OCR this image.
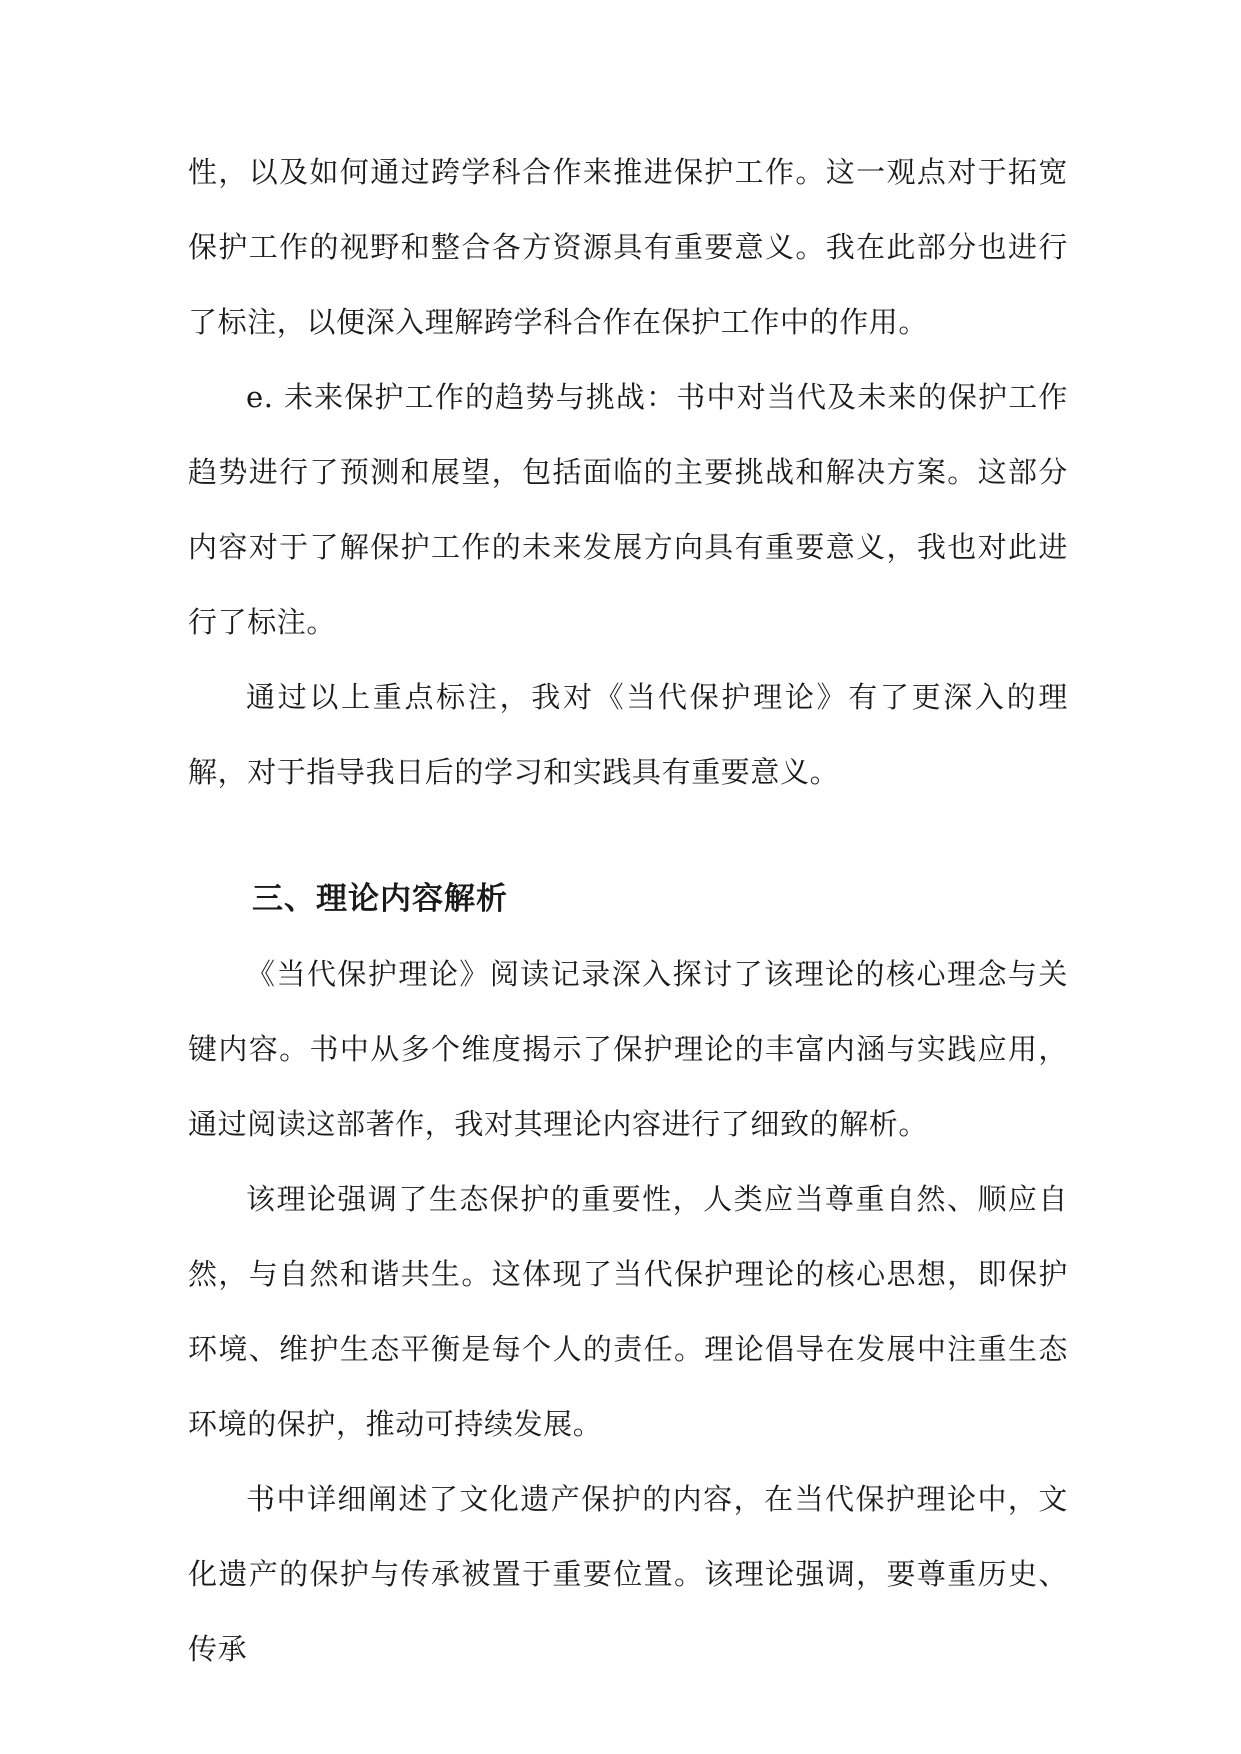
性，以及如何通过跨学科合作来推进保护工作。这一观点对于拓宽保护工作的视野和整合各方资源具有重要意义。我在此部分也进行了标注，以便深入理解跨学科合作在保护工作中的作用。

e. 未来保护工作的趋势与挑战：书中对当代及未来的保护工作趋势进行了预测和展望，包括面临的主要挑战和解决方案。这部分内容对于了解保护工作的未来发展方向具有重要意义，我也对此进行了标注。

通过以上重点标注，我对《当代保护理论》有了更深入的理解，对于指导我日后的学习和实践具有重要意义。

三、理论内容解析

《当代保护理论》阅读记录深入探讨了该理论的核心理念与关键内容。书中从多个维度揭示了保护理论的丰富内涵与实践应用，通过阅读这部著作，我对其理论内容进行了细致的解析。

该理论强调了生态保护的重要性，人类应当尊重自然、顺应自然，与自然和谐共生。这体现了当代保护理论的核心思想，即保护环境、维护生态平衡是每个人的责任。理论倡导在发展中注重生态环境的保护，推动可持续发展。

书中详细阐述了文化遗产保护的内容，在当代保护理论中，文化遗产的保护与传承被置于重要位置。该理论强调，要尊重历史、传承
